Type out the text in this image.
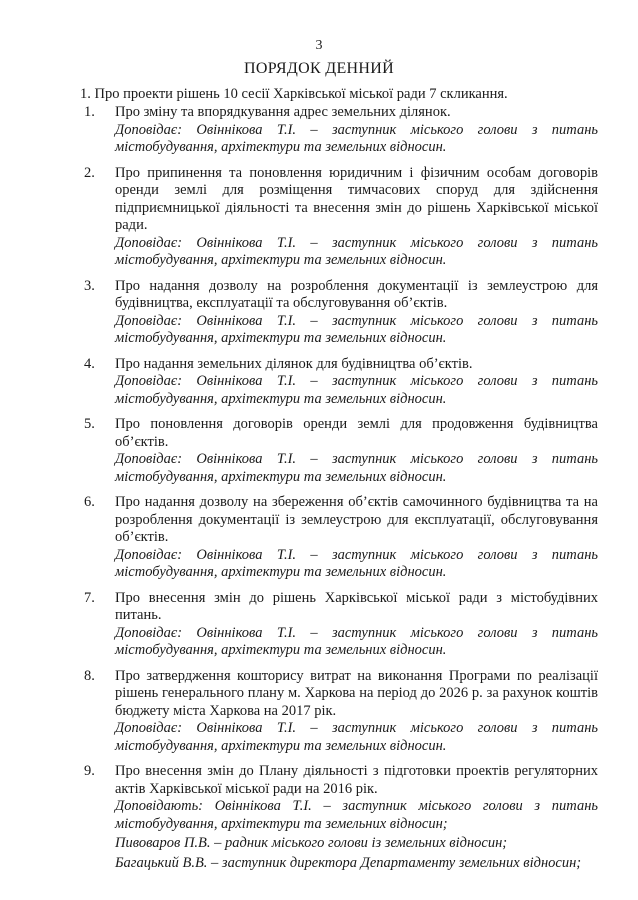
3
ПОРЯДОК ДЕННИЙ
1. Про проекти рішень 10 сесії Харківської міської ради 7 скликання.
1. Про зміну та впорядкування адрес земельних ділянок.
Доповідає: Овіннікова Т.І. – заступник міського голови з питань містобудування, архітектури та земельних відносин.
2. Про припинення та поновлення юридичним і фізичним особам договорів оренди землі для розміщення тимчасових споруд для здійснення підприємницької діяльності та внесення змін до рішень Харківської міської ради.
Доповідає: Овіннікова Т.І. – заступник міського голови з питань містобудування, архітектури та земельних відносин.
3. Про надання дозволу на розроблення документації із землеустрою для будівництва, експлуатації та обслуговування об’єктів.
Доповідає: Овіннікова Т.І. – заступник міського голови з питань містобудування, архітектури та земельних відносин.
4. Про надання земельних ділянок для будівництва об’єктів.
Доповідає: Овіннікова Т.І. – заступник міського голови з питань містобудування, архітектури та земельних відносин.
5. Про поновлення договорів оренди землі для продовження будівництва об’єктів.
Доповідає: Овіннікова Т.І. – заступник міського голови з питань містобудування, архітектури та земельних відносин.
6. Про надання дозволу на збереження об’єктів самочинного будівництва та на розроблення документації із землеустрою для експлуатації, обслуговування об’єктів.
Доповідає: Овіннікова Т.І. – заступник міського голови з питань містобудування, архітектури та земельних відносин.
7. Про внесення змін до рішень Харківської міської ради з містобудівних питань.
Доповідає: Овіннікова Т.І. – заступник міського голови з питань містобудування, архітектури та земельних відносин.
8. Про затвердження кошторису витрат на виконання Програми по реалізації рішень генерального плану м. Харкова на період до 2026 р. за рахунок коштів бюджету міста Харкова на 2017 рік.
Доповідає: Овіннікова Т.І. – заступник міського голови з питань містобудування, архітектури та земельних відносин.
9. Про внесення змін до Плану діяльності з підготовки проектів регуляторних актів Харківської міської ради на 2016 рік.
Доповідають: Овіннікова Т.І. – заступник міського голови з питань містобудування, архітектури та земельних відносин;
Пивоваров П.В. – радник міського голови із земельних відносин;
Багацький В.В. – заступник директора Департаменту земельних відносин;
